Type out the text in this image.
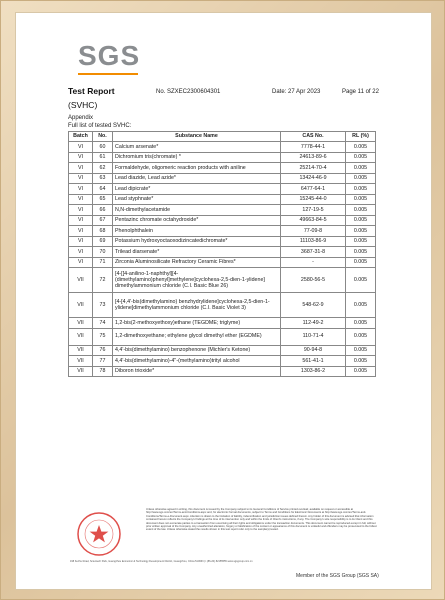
SGS
Test Report
(SVHC)
No. SZXEC2300604301	Date: 27 Apr 2023	Page 11 of 22
Appendix
Full list of tested SVHC:
Batch	No.	Substance Name	CAS No.	RL (%)
VI	60	Calcium arsenate*	7778-44-1	0.005
VI	61	Dichromium tris(chromate) *	24613-89-6	0.005
VI	62	Formaldehyde, oligomeric reaction products with aniline	25214-70-4	0.005
VI	63	Lead diazide, Lead azide*	13424-46-9	0.005
VI	64	Lead dipicrate*	6477-64-1	0.005
VI	65	Lead styphnate*	15245-44-0	0.005
VI	66	N,N-dimethylacetamide	127-19-5	0.005
VI	67	Pentazinc chromate octahydroxide*	49663-84-5	0.005
VI	68	Phenolphthalein	77-09-8	0.005
VI	69	Potassium hydroxyoctaoxodizincatedichromate*	11103-86-9	0.005
VI	70	Trilead diarsenate*	3687-31-8	0.005
VI	71	Zirconia Aluminosilicate Refractory Ceramic Fibres*	-	0.005
VII	72	[4-[[4-anilino-1-naphthyl][4-(dimethylamino)phenyl]methylene]cyclohexa-2,5-dien-1-ylidene] dimethylammonium chloride (C.I. Basic Blue 26)	2580-56-5	0.005
VII	73	[4-[4,4'-bis(dimethylamino) benzhydrylidene]cyclohexa-2,5-dien-1-ylidene]dimethylammonium chloride (C.I. Basic Violet 3)	548-62-9	0.005
VII	74	1,2-bis(2-methoxyethoxy)ethane (TEGDME; triglyme)	112-49-2	0.005
VII	75	1,2-dimethoxyethane; ethylene glycol dimethyl ether (EGDME)	110-71-4	0.005
VII	76	4,4'-bis(dimethylamino) benzophenone (Michler's Ketone)	90-94-8	0.005
VII	77	4,4'-bis(dimethylamino)-4''-(methylamino)trityl alcohol	561-41-1	0.005
VII	78	Diboron trioxide*	1303-86-2	0.005
Unless otherwise agreed in writing, this document is issued by the Company subject to its General Conditions of Service printed overleaf, available on request or accessible at http://www.sgs.com/en/Terms-and-Conditions.aspx and, for electronic format documents, subject to Terms and Conditions for Electronic Documents at http://www.sgs.com/en/Terms-and-Conditions/Terms-e-Document.aspx. Attention is drawn to the limitation of liability, indemnification and jurisdiction issues defined therein. Any holder of this document is advised that information contained hereon reflects the Company's findings at the time of its intervention only and within the limits of Client's instructions, if any. The Company's sole responsibility is to its Client and this document does not exonerate parties to a transaction from exercising all their rights and obligations under the transaction documents. This document cannot be reproduced except in full, without prior written approval of the Company. Any unauthorized alteration, forgery or falsification of the content or appearance of this document is unlawful and offenders may be prosecuted to the fullest extent of the law. Unless otherwise stated the results shown in this test report refer only to the sample(s) tested.
198 Kezhu Road, Scientech Park, Guangzhou Economic & Technology Development District, Guangzhou, China 510663 | t (86-20) 82155555 www.sgsgroup.com.cn
Member of the SGS Group (SGS SA)
